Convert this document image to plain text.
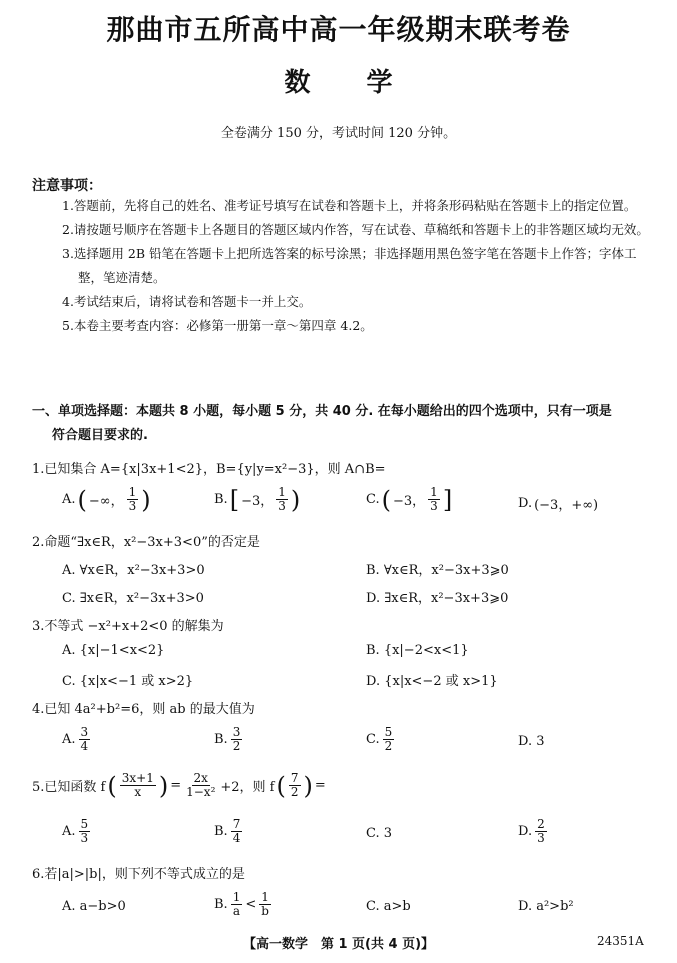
那曲市五所高中高一年级期末联考卷
数 学
全卷满分 150 分，考试时间 120 分钟。
注意事项：

1.答题前，先将自己的姓名、准考证号填写在试卷和答题卡上，并将条形码粘贴在答题卡上的指定位置。

2.请按题号顺序在答题卡上各题目的答题区域内作答，写在试卷、草稿纸和答题卡上的非答题区域均无效。

3.选择题用 2B 铅笔在答题卡上把所选答案的标号涂黑；非选择题用黑色签字笔在答题卡上作答；字体工整，笔迹清楚。

4.考试结束后，请将试卷和答题卡一并上交。

5.本卷主要考查内容：必修第一册第一章～第四章 4.2。

一、单项选择题：本题共 8 小题，每小题 5 分，共 40 分. 在每小题给出的四个选项中，只有一项是
符合题目要求的.
1.已知集合 A={x|3x+1<2}，B={y|y=x²−3}，则 A∩B=
A. ( −∞， $\frac{1}{3}$ )	B. [ −3， $\frac{1}{3}$ )	C. ( −3， $\frac{1}{3}$ ]	D. (−3，+∞)
2.命题“∃x∈R，x²−3x+3<0”的否定是
A. ∀x∈R，x²−3x+3>0	B. ∀x∈R，x²−3x+3⩾0
C. ∃x∈R，x²−3x+3>0	D. ∃x∈R，x²−3x+3⩾0
3.不等式 −x²+x+2<0 的解集为
A. {x|−1<x<2}	B. {x|−2<x<1}
C. {x|x<−1 或 x>2}	D. {x|x<−2 或 x>1}
4.已知 4a²+b²=6，则 ab 的最大值为
A. $\frac{3}{4}$	B. $\frac{3}{2}$	C. $\frac{5}{2}$	D. 3
5.已知函数 f ( $\frac{3x+1}{x}$ ) = $\frac{2x}{\text{1−x²}} +2$，则 f ( $\frac{7}{2}$ ) =
A. $\frac{5}{3}$	B. $\frac{7}{4}$	C. 3	D. $\frac{2}{3}$
6.若|a|>|b|，则下列不等式成立的是
A. a−b>0	B. $\frac{1}{a} < \frac{1}{b}$	C. a>b	D. a²>b²
【高一数学　第 1 页(共 4 页)】	24351A
